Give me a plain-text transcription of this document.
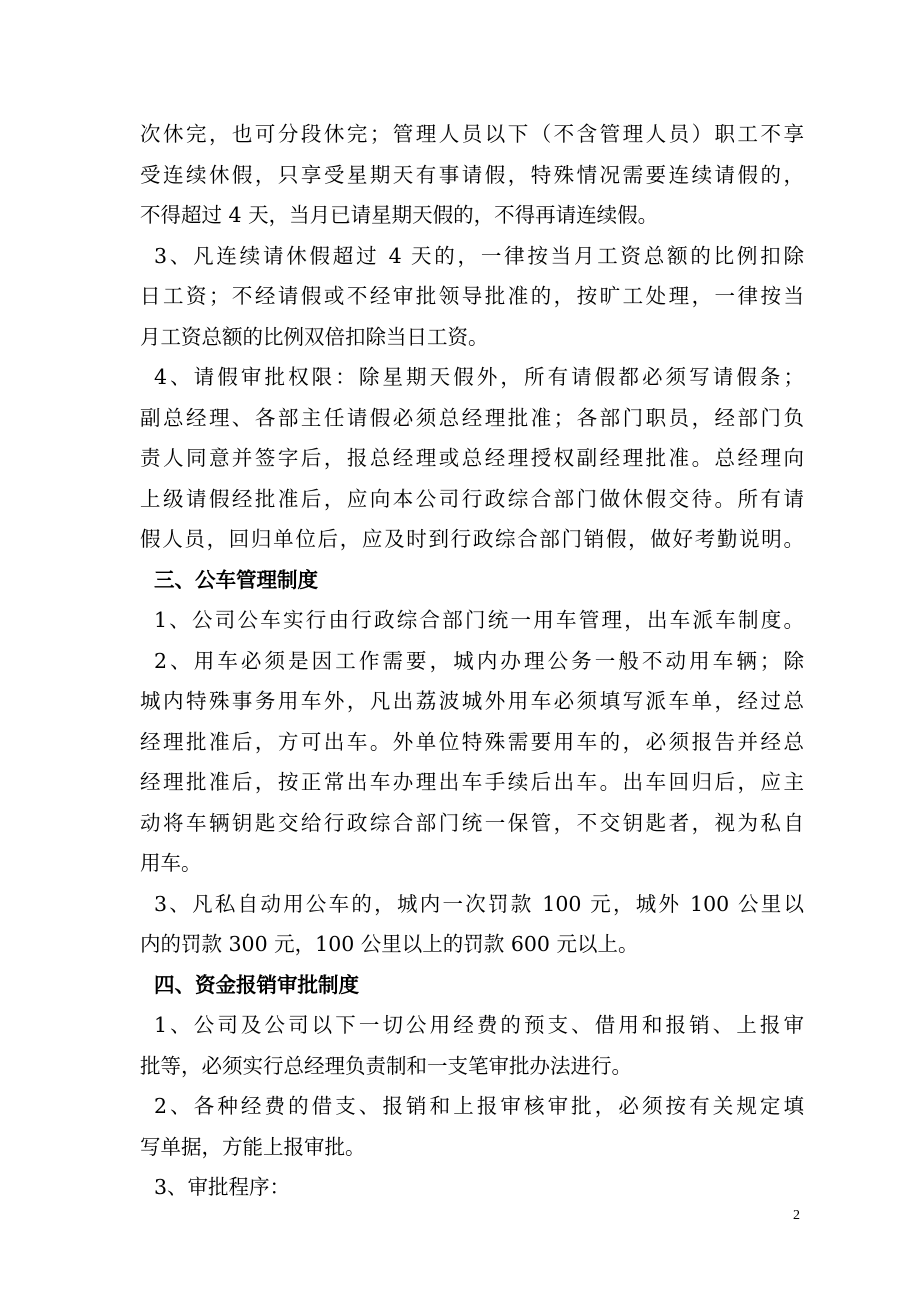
次休完，也可分段休完；管理人员以下（不含管理人员）职工不享
受连续休假，只享受星期天有事请假，特殊情况需要连续请假的，
不得超过 4 天，当月已请星期天假的，不得再请连续假。
3、凡连续请休假超过 4 天的，一律按当月工资总额的比例扣除
日工资；不经请假或不经审批领导批准的，按旷工处理，一律按当
月工资总额的比例双倍扣除当日工资。
4、请假审批权限：除星期天假外，所有请假都必须写请假条；
副总经理、各部主任请假必须总经理批准；各部门职员，经部门负
责人同意并签字后，报总经理或总经理授权副经理批准。总经理向
上级请假经批准后，应向本公司行政综合部门做休假交待。所有请
假人员，回归单位后，应及时到行政综合部门销假，做好考勤说明。
三、公车管理制度
1、公司公车实行由行政综合部门统一用车管理，出车派车制度。
2、用车必须是因工作需要，城内办理公务一般不动用车辆；除
城内特殊事务用车外，凡出荔波城外用车必须填写派车单，经过总
经理批准后，方可出车。外单位特殊需要用车的，必须报告并经总
经理批准后，按正常出车办理出车手续后出车。出车回归后，应主
动将车辆钥匙交给行政综合部门统一保管，不交钥匙者，视为私自
用车。
3、凡私自动用公车的，城内一次罚款 100 元，城外 100 公里以
内的罚款 300 元，100 公里以上的罚款 600 元以上。
四、资金报销审批制度
1、公司及公司以下一切公用经费的预支、借用和报销、上报审
批等，必须实行总经理负责制和一支笔审批办法进行。
2、各种经费的借支、报销和上报审核审批，必须按有关规定填
写单据，方能上报审批。
3、审批程序：
2
